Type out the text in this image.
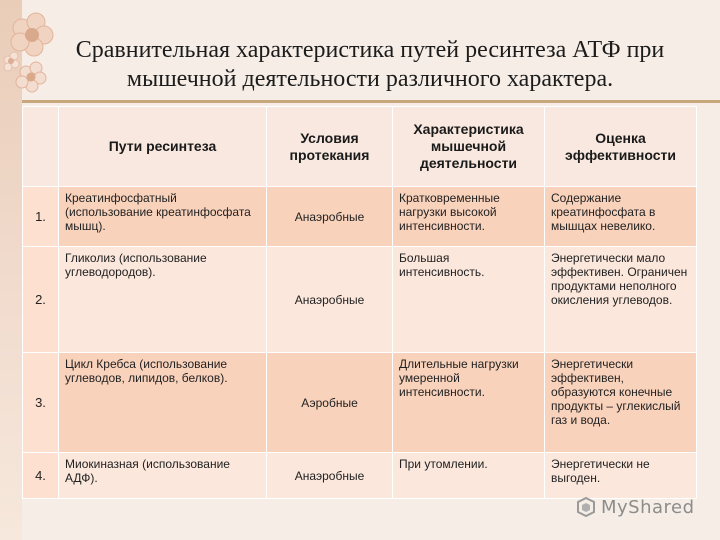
Сравнительная характеристика путей ресинтеза АТФ при
мышечной деятельности различного характера.
	Пути ресинтеза	Условия протекания	Характеристика мышечной деятельности	Оценка эффективности
1.	Креатинфосфатный (использование креатинфосфата мышц).	Анаэробные	Кратковременные нагрузки высокой интенсивности.	Содержание креатинфосфата в мышцах невелико.
2.	Гликолиз (использование углеводородов).	Анаэробные	Большая интенсивность.	Энергетически мало эффективен. Ограничен продуктами неполного окисления углеводов.
3.	Цикл Кребса (использование углеводов, липидов, белков).	Аэробные	Длительные нагрузки умеренной интенсивности.	Энергетически эффективен, образуются конечные продукты – углекислый газ и вода.
4.	Миокиназная (использование АДФ).	Анаэробные	При утомлении.	Энергетически не выгоден.
MyShared
